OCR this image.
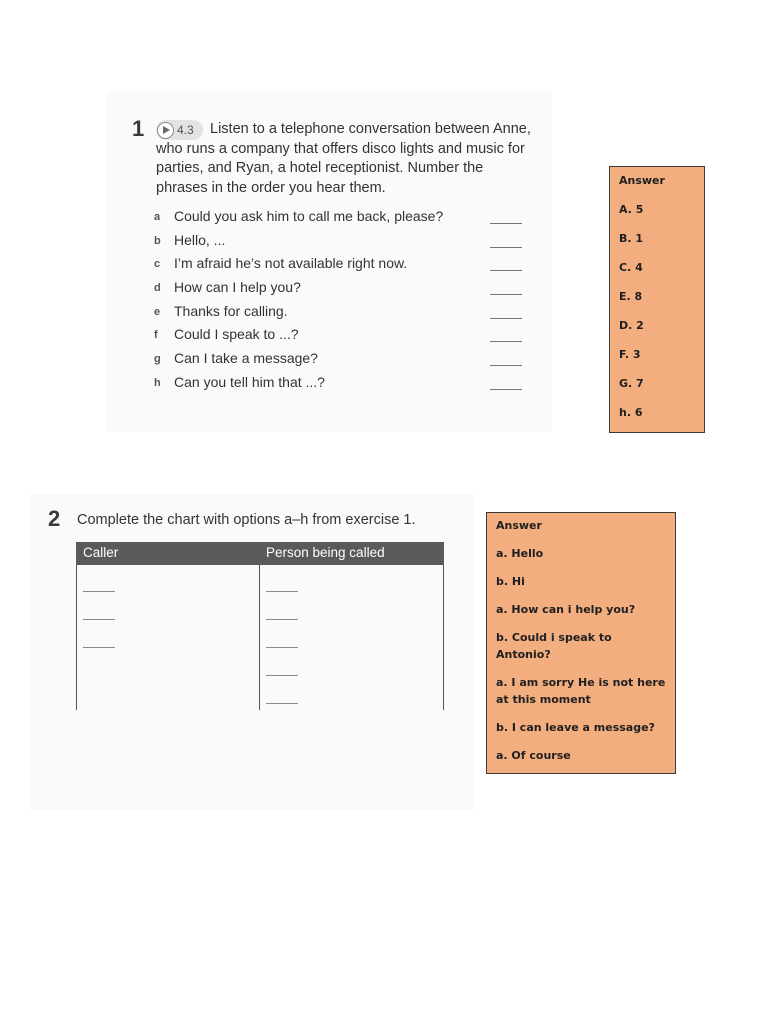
1	4.3	Listen to a telephone conversation between Anne, who runs a company that offers disco lights and music for parties, and Ryan, a hotel receptionist. Number the phrases in the order you hear them.
a Could you ask him to call me back, please?
b Hello, ...
c I’m afraid he’s not available right now.
d How can I help you?
e Thanks for calling.
f Could I speak to ...?
g Can I take a message?
h Can you tell him that ...?
Answer
A. 5
B. 1
C. 4
E. 8
D. 2
F. 3
G. 7
h. 6
2 Complete the chart with options a–h from exercise 1.
Caller	Person being called
Answer
a. Hello
b. Hi
a. How can i help you?
b. Could i speak to Antonio?
a. I am sorry He is not here at this moment
b. I can leave a message?
a. Of course
